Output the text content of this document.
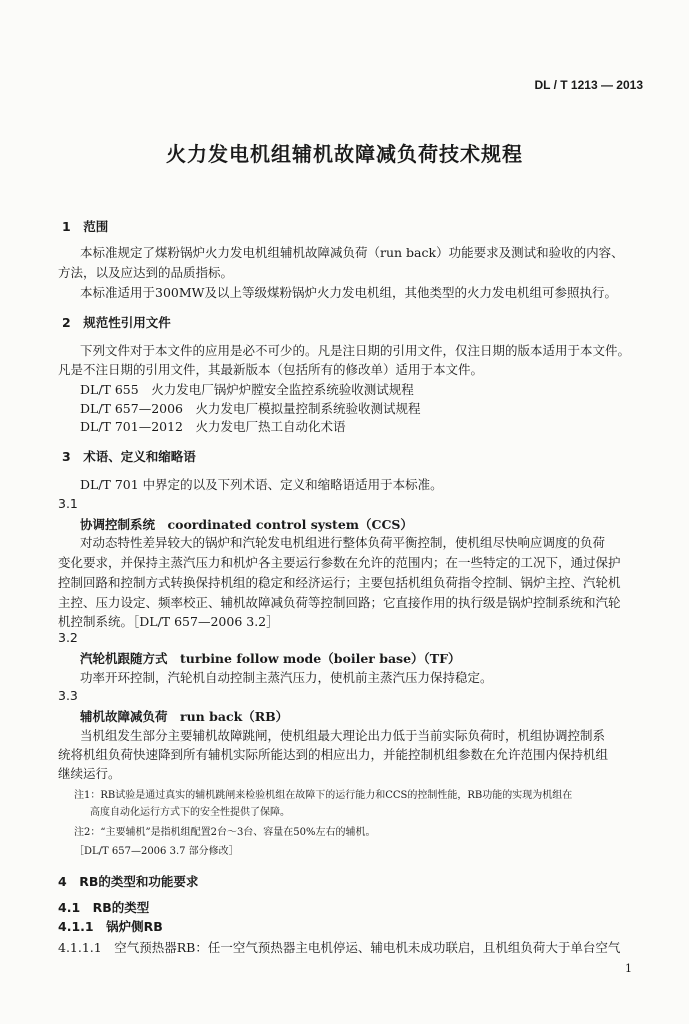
DL / T 1213 — 2013
火力发电机组辅机故障减负荷技术规程
1　范围
本标准规定了煤粉锅炉火力发电机组辅机故障减负荷（run back）功能要求及测试和验收的内容、
方法，以及应达到的品质指标。
本标准适用于300MW及以上等级煤粉锅炉火力发电机组，其他类型的火力发电机组可参照执行。
2　规范性引用文件
下列文件对于本文件的应用是必不可少的。凡是注日期的引用文件，仅注日期的版本适用于本文件。
凡是不注日期的引用文件，其最新版本（包括所有的修改单）适用于本文件。
DL/T 655　火力发电厂锅炉炉膛安全监控系统验收测试规程
DL/T 657—2006　火力发电厂模拟量控制系统验收测试规程
DL/T 701—2012　火力发电厂热工自动化术语
3　术语、定义和缩略语
DL/T 701 中界定的以及下列术语、定义和缩略语适用于本标准。
3.1
协调控制系统　coordinated control system（CCS）
对动态特性差异较大的锅炉和汽轮发电机组进行整体负荷平衡控制，使机组尽快响应调度的负荷
变化要求，并保持主蒸汽压力和机炉各主要运行参数在允许的范围内；在一些特定的工况下，通过保护
控制回路和控制方式转换保持机组的稳定和经济运行；主要包括机组负荷指令控制、锅炉主控、汽轮机
主控、压力设定、频率校正、辅机故障减负荷等控制回路；它直接作用的执行级是锅炉控制系统和汽轮
机控制系统。［DL/T 657—2006 3.2］
3.2
汽轮机跟随方式　turbine follow mode（boiler base）（TF）
功率开环控制，汽轮机自动控制主蒸汽压力，使机前主蒸汽压力保持稳定。
3.3
辅机故障减负荷　run back（RB）
当机组发生部分主要辅机故障跳闸，使机组最大理论出力低于当前实际负荷时，机组协调控制系
统将机组负荷快速降到所有辅机实际所能达到的相应出力，并能控制机组参数在允许范围内保持机组
继续运行。
注1：RB试验是通过真实的辅机跳闸来检验机组在故障下的运行能力和CCS的控制性能，RB功能的实现为机组在
高度自动化运行方式下的安全性提供了保障。
注2：“主要辅机”是指机组配置2台～3台、容量在50%左右的辅机。
［DL/T 657—2006 3.7 部分修改］
4　RB的类型和功能要求
4.1　RB的类型
4.1.1　锅炉侧RB
4.1.1.1　空气预热器RB：任一空气预热器主电机停运、辅电机未成功联启，且机组负荷大于单台空气
1
